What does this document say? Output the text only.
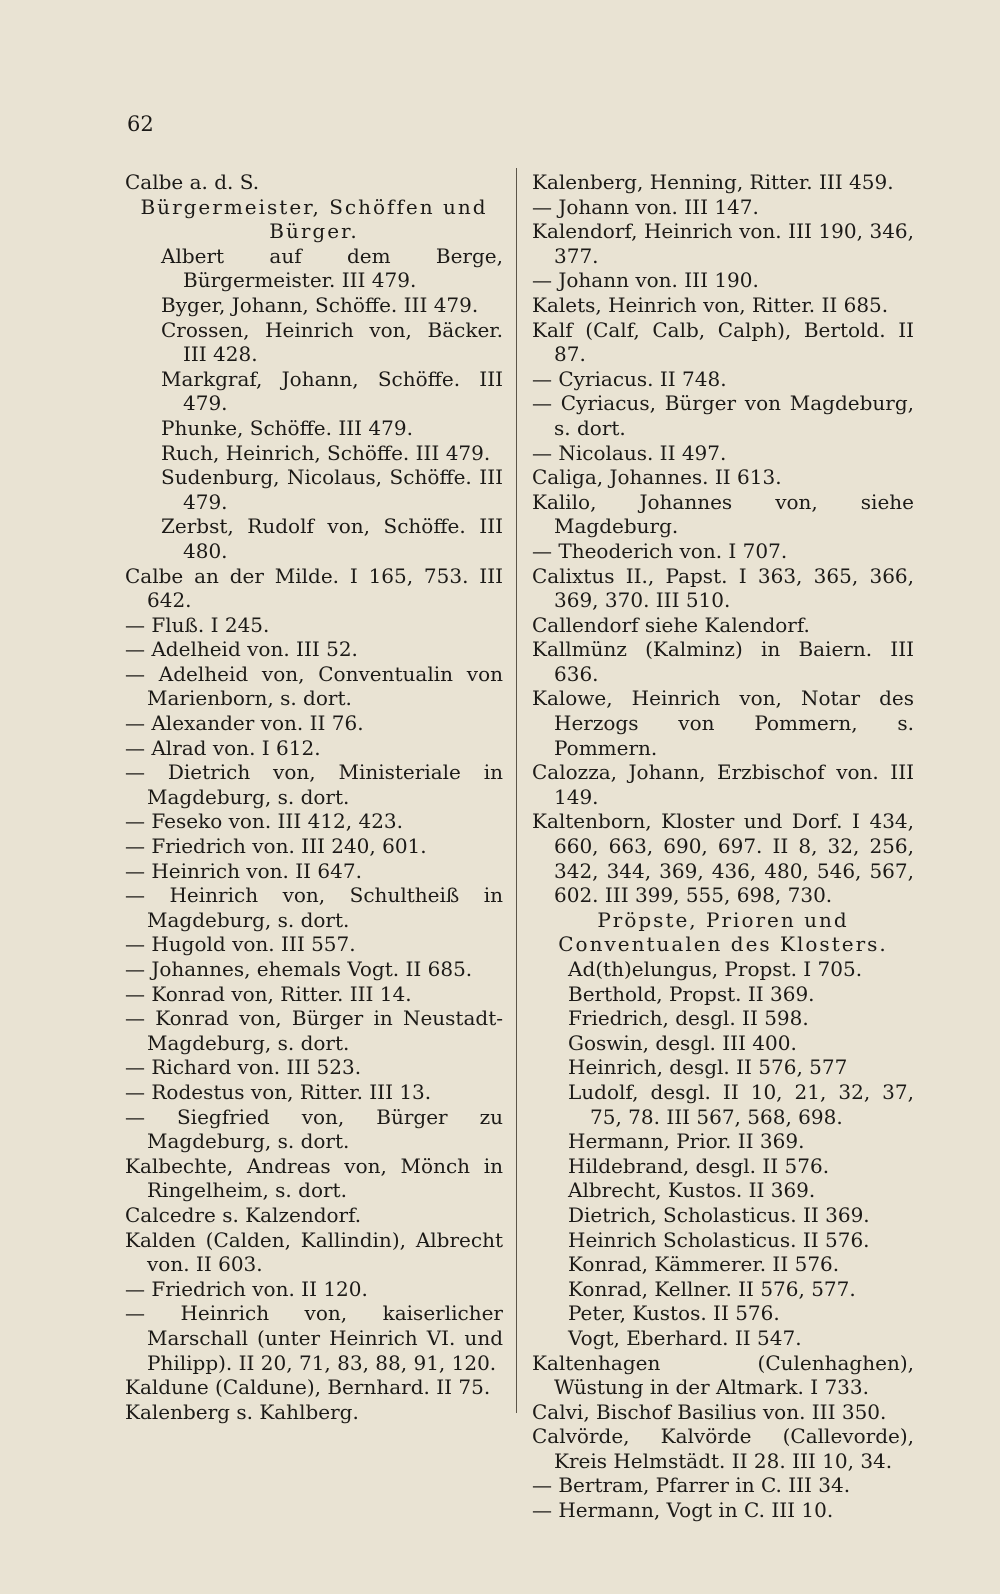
62
Calbe a. d. S.
Bürgermeister, Schöffen und Bürger.
Albert auf dem Berge, Bürgermeister. III 479.
Byger, Johann, Schöffe. III 479.
Crossen, Heinrich von, Bäcker. III 428.
Markgraf, Johann, Schöffe. III 479.
Phunke, Schöffe. III 479.
Ruch, Heinrich, Schöffe. III 479.
Sudenburg, Nicolaus, Schöffe. III 479.
Zerbst, Rudolf von, Schöffe. III 480.
Calbe an der Milde. I 165, 753. III 642.
— Fluß. I 245.
— Adelheid von. III 52.
— Adelheid von, Conventualin von Marienborn, s. dort.
— Alexander von. II 76.
— Alrad von. I 612.
— Dietrich von, Ministeriale in Magdeburg, s. dort.
— Feseko von. III 412, 423.
— Friedrich von. III 240, 601.
— Heinrich von. II 647.
— Heinrich von, Schultheiß in Magdeburg, s. dort.
— Hugold von. III 557.
— Johannes, ehemals Vogt. II 685.
— Konrad von, Ritter. III 14.
— Konrad von, Bürger in Neustadt-Magdeburg, s. dort.
— Richard von. III 523.
— Rodestus von, Ritter. III 13.
— Siegfried von, Bürger zu Magdeburg, s. dort.
Kalbechte, Andreas von, Mönch in Ringelheim, s. dort.
Calcedre s. Kalzendorf.
Kalden (Calden, Kallindin), Albrecht von. II 603.
— Friedrich von. II 120.
— Heinrich von, kaiserlicher Marschall (unter Heinrich VI. und Philipp). II 20, 71, 83, 88, 91, 120.
Kaldune (Caldune), Bernhard. II 75.
Kalenberg s. Kahlberg.
Kalenberg, Henning, Ritter. III 459.
— Johann von. III 147.
Kalendorf, Heinrich von. III 190, 346, 377.
— Johann von. III 190.
Kalets, Heinrich von, Ritter. II 685.
Kalf (Calf, Calb, Calph), Bertold. II 87.
— Cyriacus. II 748.
— Cyriacus, Bürger von Magdeburg, s. dort.
— Nicolaus. II 497.
Caliga, Johannes. II 613.
Kalilo, Johannes von, siehe Magdeburg.
— Theoderich von. I 707.
Calixtus II., Papst. I 363, 365, 366, 369, 370. III 510.
Callendorf siehe Kalendorf.
Kallmünz (Kalminz) in Baiern. III 636.
Kalowe, Heinrich von, Notar des Herzogs von Pommern, s. Pommern.
Calozza, Johann, Erzbischof von. III 149.
Kaltenborn, Kloster und Dorf. I 434, 660, 663, 690, 697. II 8, 32, 256, 342, 344, 369, 436, 480, 546, 567, 602. III 399, 555, 698, 730.
Pröpste, Prioren und Conventualen des Klosters.
Ad(th)elungus, Propst. I 705.
Berthold, Propst. II 369.
Friedrich, desgl. II 598.
Goswin, desgl. III 400.
Heinrich, desgl. II 576, 577
Ludolf, desgl. II 10, 21, 32, 37, 75, 78. III 567, 568, 698.
Hermann, Prior. II 369.
Hildebrand, desgl. II 576.
Albrecht, Kustos. II 369.
Dietrich, Scholasticus. II 369.
Heinrich Scholasticus. II 576.
Konrad, Kämmerer. II 576.
Konrad, Kellner. II 576, 577.
Peter, Kustos. II 576.
Vogt, Eberhard. II 547.
Kaltenhagen (Culenhaghen), Wüstung in der Altmark. I 733.
Calvi, Bischof Basilius von. III 350.
Calvörde, Kalvörde (Callevorde), Kreis Helmstädt. II 28. III 10, 34.
— Bertram, Pfarrer in C. III 34.
— Hermann, Vogt in C. III 10.
